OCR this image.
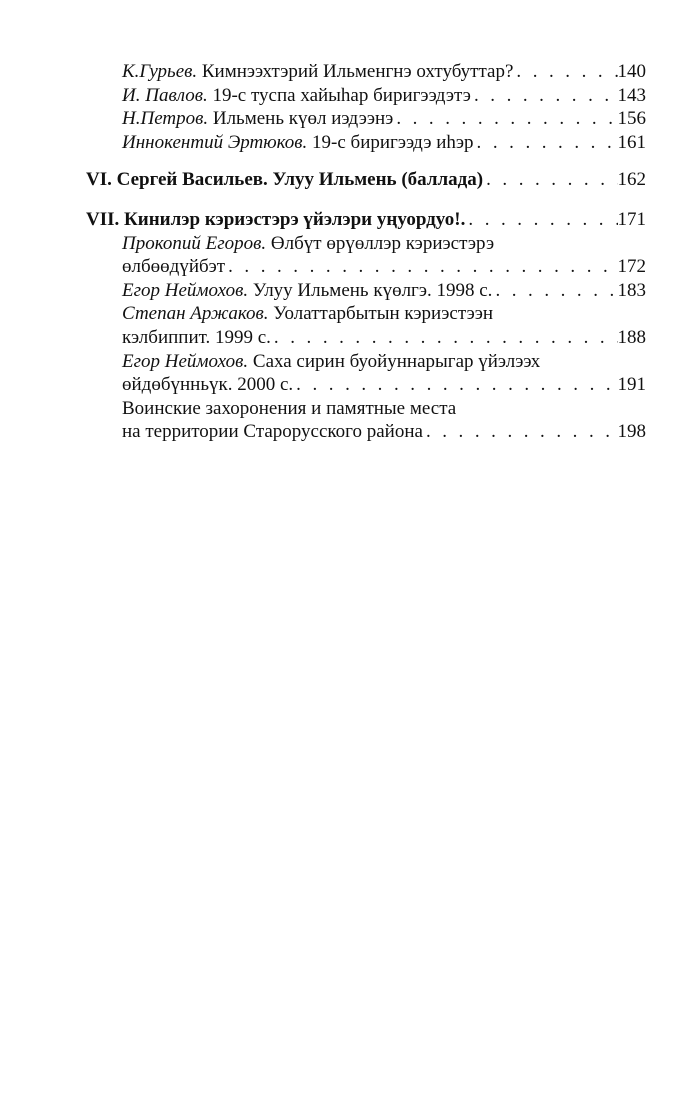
К.Гурьев. Кимнээхтэрий Ильменгнэ охтубуттар? . . .	140
И. Павлов. 19-с туспа хайыһар биригээдэтэ . . .	143
Н.Петров. Ильмень күөл иэдээнэ . . .	156
Иннокентий Эртюков. 19-с биригээдэ иһэр . . .	161
VI. Сергей Васильев. Улуу Ильмень (баллада) . . .	162
VII. Кинилэр кэриэстэрэ үйэлэри уңуордуо!. . . .	171
Прокопий Егоров. Өлбүт өрүөллэр кэриэстэрэ
өлбөөдүйбэт . . .	172
Егор Неймохов. Улуу Ильмень күөлгэ. 1998 с. . . .	183
Степан Аржаков. Уолаттарбытын кэриэстээн
кэлбиппит. 1999 с. . . .	188
Егор Неймохов. Саха сирин буойуннарыгар үйэлээх
өйдөбүнньүк. 2000 с. . . .	191
Воинские захоронения и памятные места
на территории Старорусского района . . .	198
